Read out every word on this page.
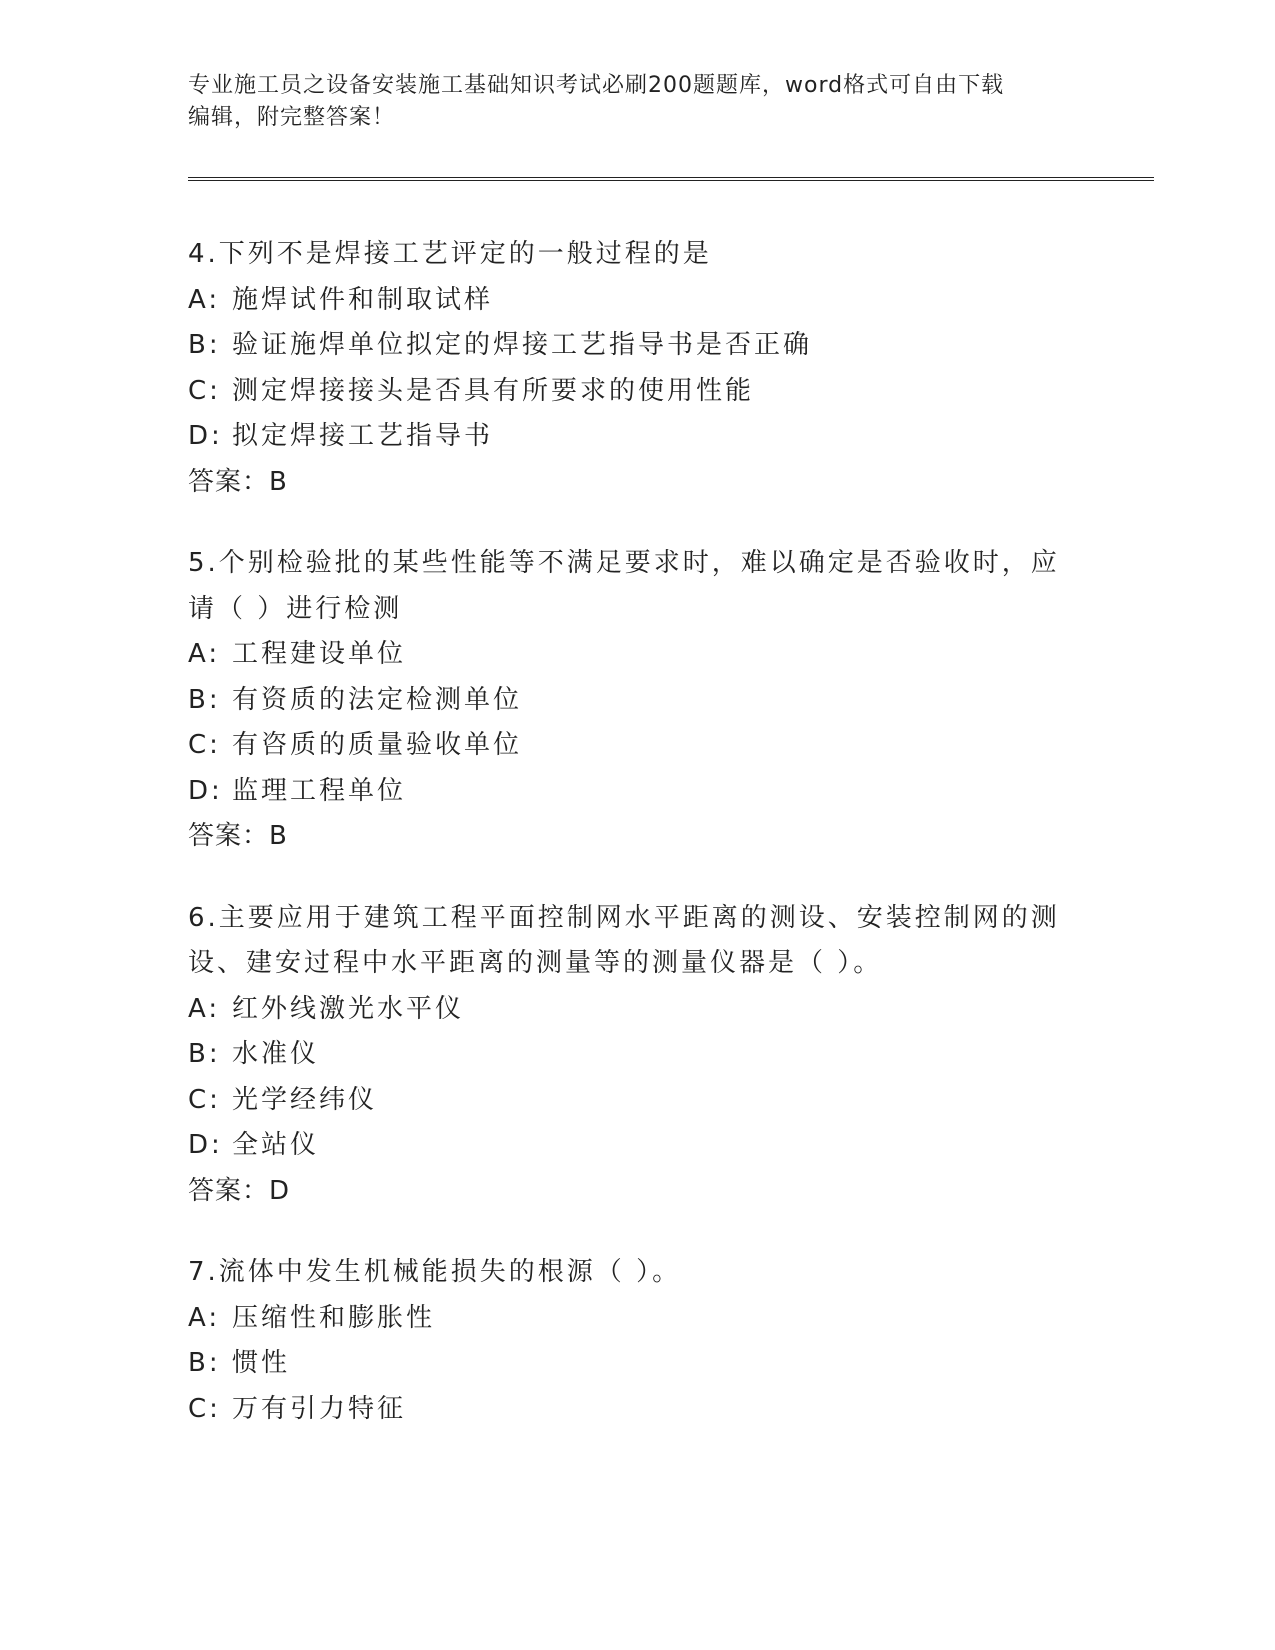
专业施工员之设备安装施工基础知识考试必刷200题题库，word格式可自由下载
编辑，附完整答案！
4.下列不是焊接工艺评定的一般过程的是
A: 施焊试件和制取试样
B: 验证施焊单位拟定的焊接工艺指导书是否正确
C: 测定焊接接头是否具有所要求的使用性能
D: 拟定焊接工艺指导书
答案：B
5.个别检验批的某些性能等不满足要求时，难以确定是否验收时，应请（ ）进行检测
A: 工程建设单位
B: 有资质的法定检测单位
C: 有咨质的质量验收单位
D: 监理工程单位
答案：B
6.主要应用于建筑工程平面控制网水平距离的测设、安装控制网的测设、建安过程中水平距离的测量等的测量仪器是（ ）。
A: 红外线激光水平仪
B: 水准仪
C: 光学经纬仪
D: 全站仪
答案：D
7.流体中发生机械能损失的根源（ ）。
A: 压缩性和膨胀性
B: 惯性
C: 万有引力特征
